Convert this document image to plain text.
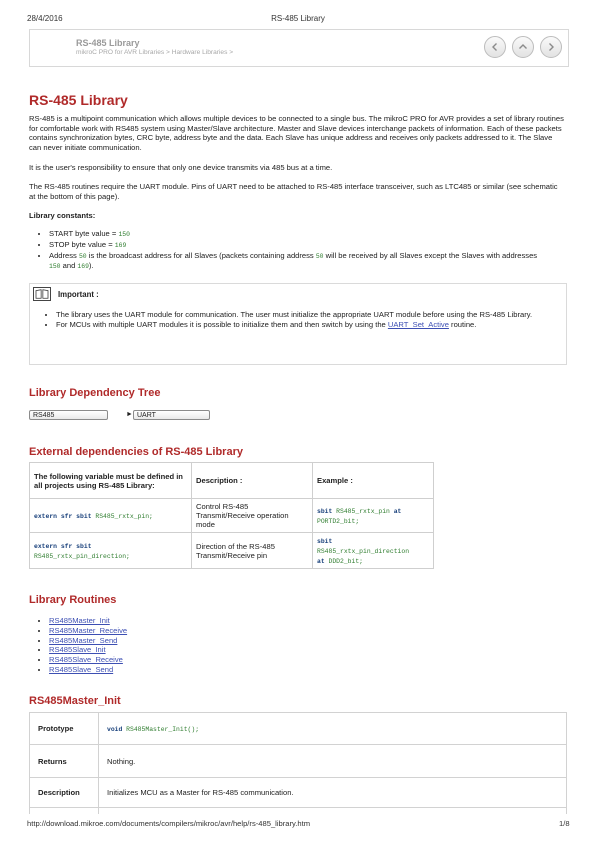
28/4/2016	RS-485 Library
RS-485 Library
mikroC PRO for AVR Libraries > Hardware Libraries >
RS-485 Library
RS-485 is a multipoint communication which allows multiple devices to be connected to a single bus. The mikroC PRO for AVR provides a set of library routines for comfortable work with RS485 system using Master/Slave architecture. Master and Slave devices interchange packets of information. Each of these packets contains synchronization bytes, CRC byte, address byte and the data. Each Slave has unique address and receives only packets addressed to it. The Slave can never initiate communication.
It is the user's responsibility to ensure that only one device transmits via 485 bus at a time.
The RS-485 routines require the UART module. Pins of UART need to be attached to RS-485 interface transceiver, such as LTC485 or similar (see schematic at the bottom of this page).
Library constants:
• START byte value = 150
• STOP byte value = 169
• Address 50 is the broadcast address for all Slaves (packets containing address 50 will be received by all Slaves except the Slaves with addresses 150 and 169).
Important :
• The library uses the UART module for communication. The user must initialize the appropriate UART module before using the RS-485 Library.
• For MCUs with multiple UART modules it is possible to initialize them and then switch by using the UART_Set_Active routine.
Library Dependency Tree
RS485	► UART
External dependencies of RS-485 Library
The following variable must be defined in all projects using RS-485 Library:	Description :	Example :
extern sfr sbit RS485_rxtx_pin;	Control RS-485 Transmit/Receive operation mode	sbit RS485_rxtx_pin at
PORTD2_bit;
extern sfr sbit
RS485_rxtx_pin_direction;	Direction of the RS-485 Transmit/Receive pin	sbit
RS485_rxtx_pin_direction
at DDD2_bit;
Library Routines
• RS485Master_Init
• RS485Master_Receive
• RS485Master_Send
• RS485Slave_Init
• RS485Slave_Receive
• RS485Slave_Send
RS485Master_Init
Prototype	void RS485Master_Init();
Returns	Nothing.
Description	Initializes MCU as a Master for RS-485 communication.

http://download.mikroe.com/documents/compilers/mikroc/avr/help/rs-485_library.htm	1/8
